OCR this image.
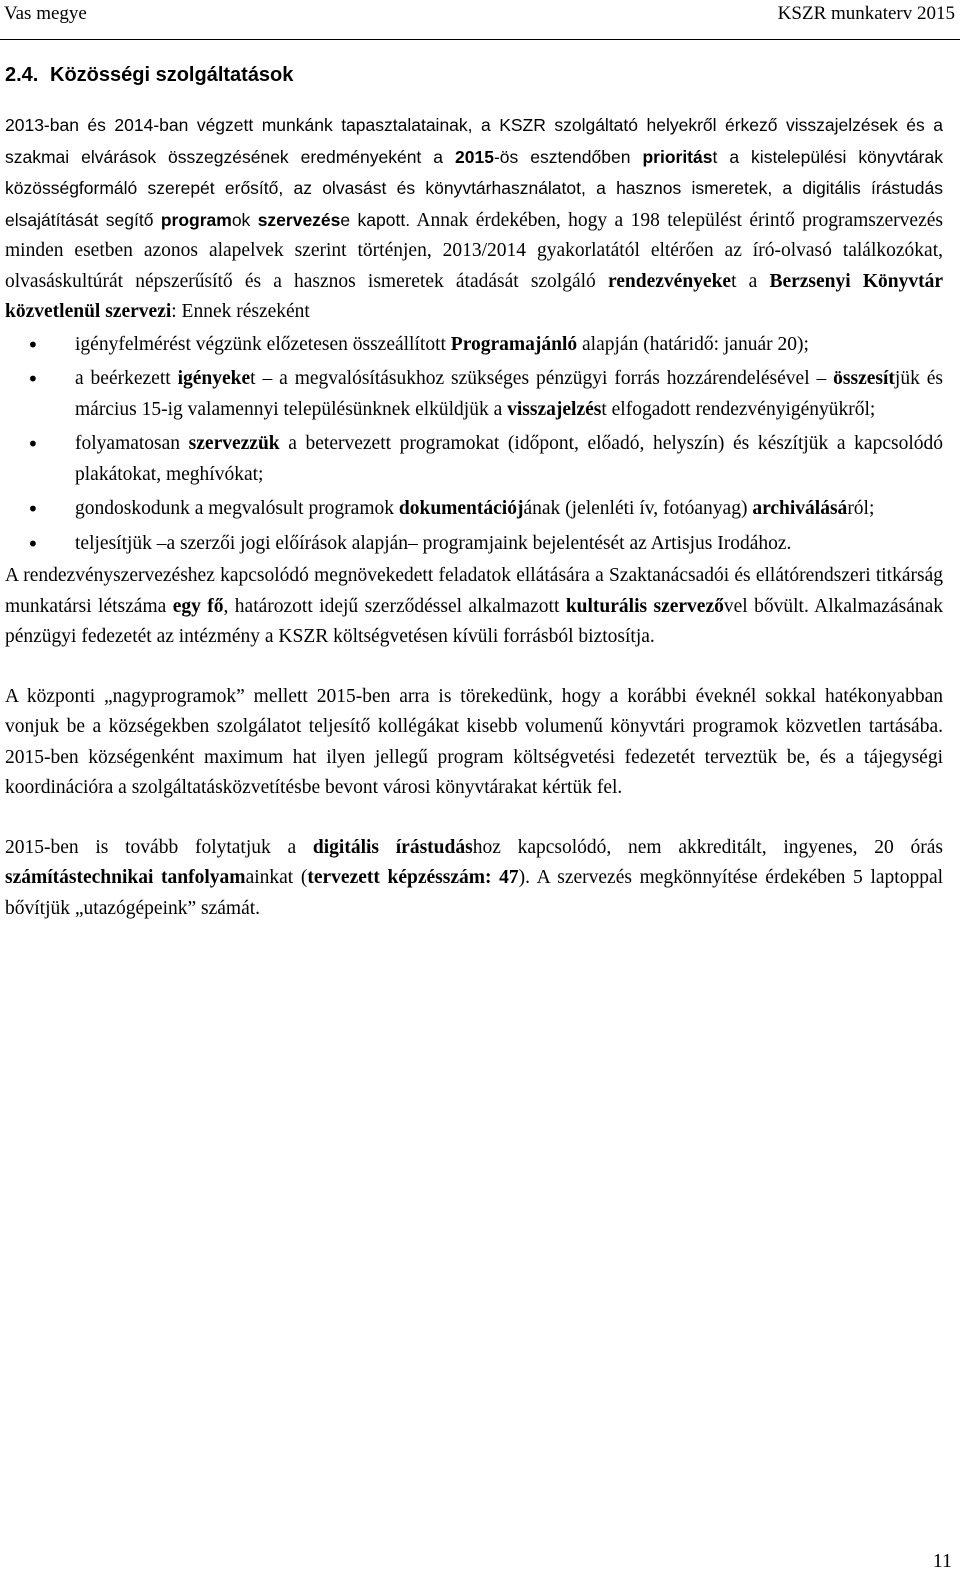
Vas megye	KSZR munkaterv 2015
2.4. Közösségi szolgáltatások

2013-ban és 2014-ban végzett munkánk tapasztalatainak, a KSZR szolgáltató helyekről érkező visszajelzések és a szakmai elvárások összegzésének eredményeként a 2015-ös esztendőben prioritást a kistelepülési könyvtárak közösségformáló szerepét erősítő, az olvasást és könyvtárhasználatot, a hasznos ismeretek, a digitális írástudás elsajátítását segítő programok szervezése kapott. Annak érdekében, hogy a 198 települést érintő programszervezés minden esetben azonos alapelvek szerint történjen, 2013/2014 gyakorlatától eltérően az író-olvasó találkozókat, olvasáskultúrát népszerűsítő és a hasznos ismeretek átadását szolgáló rendezvényeket a Berzsenyi Könyvtár közvetlenül szervezi: Ennek részeként

• igényfelmérést végzünk előzetesen összeállított Programajánló alapján (határidő: január 20);
• a beérkezett igényeket – a megvalósításukhoz szükséges pénzügyi forrás hozzárendelésével – összesítjük és március 15-ig valamennyi településünknek elküldjük a visszajelzést elfogadott rendezvényigényükről;
• folyamatosan szervezzük a betervezett programokat (időpont, előadó, helyszín) és készítjük a kapcsolódó plakátokat, meghívókat;
• gondoskodunk a megvalósult programok dokumentációjának (jelenléti ív, fotóanyag) archiválásáról;
• teljesítjük –a szerzői jogi előírások alapján– programjaink bejelentését az Artisjus Irodához.

A rendezvényszervezéshez kapcsolódó megnövekedett feladatok ellátására a Szaktanácsadói és ellátórendszeri titkárság munkatársi létszáma egy fő, határozott idejű szerződéssel alkalmazott kulturális szervezővel bővült. Alkalmazásának pénzügyi fedezetét az intézmény a KSZR költségvetésen kívüli forrásból biztosítja.

A központi „nagyprogramok” mellett 2015-ben arra is törekedünk, hogy a korábbi éveknél sokkal hatékonyabban vonjuk be a községekben szolgálatot teljesítő kollégákat kisebb volumenű könyvtári programok közvetlen tartásába. 2015-ben községenként maximum hat ilyen jellegű program költségvetési fedezetét terveztük be, és a tájegységi koordinációra a szolgáltatásközvetítésbe bevont városi könyvtárakat kértük fel.

2015-ben is tovább folytatjuk a digitális írástudáshoz kapcsolódó, nem akkreditált, ingyenes, 20 órás számítástechnikai tanfolyamainkat (tervezett képzésszám: 47). A szervezés megkönnyítése érdekében 5 laptoppal bővítjük „utazógépeink” számát.

11
